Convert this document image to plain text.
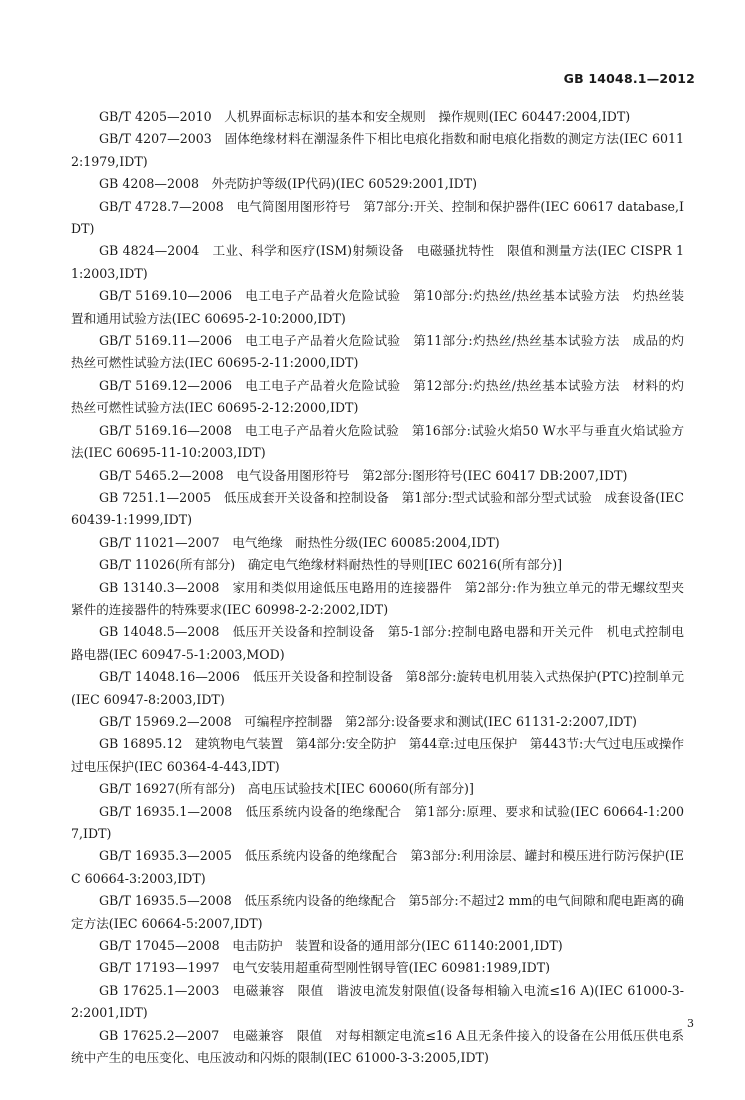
GB 14048.1—2012
GB/T 4205—2010　人机界面标志标识的基本和安全规则　操作规则(IEC 60447:2004,IDT)
GB/T 4207—2003　固体绝缘材料在潮湿条件下相比电痕化指数和耐电痕化指数的测定方法(IEC 60112:1979,IDT)
GB 4208—2008　外壳防护等级(IP代码)(IEC 60529:2001,IDT)
GB/T 4728.7—2008　电气简图用图形符号　第7部分:开关、控制和保护器件(IEC 60617 database,IDT)
GB 4824—2004　工业、科学和医疗(ISM)射频设备　电磁骚扰特性　限值和测量方法(IEC CISPR 11:2003,IDT)
GB/T 5169.10—2006　电工电子产品着火危险试验　第10部分:灼热丝/热丝基本试验方法　灼热丝装置和通用试验方法(IEC 60695-2-10:2000,IDT)
GB/T 5169.11—2006　电工电子产品着火危险试验　第11部分:灼热丝/热丝基本试验方法　成品的灼热丝可燃性试验方法(IEC 60695-2-11:2000,IDT)
GB/T 5169.12—2006　电工电子产品着火危险试验　第12部分:灼热丝/热丝基本试验方法　材料的灼热丝可燃性试验方法(IEC 60695-2-12:2000,IDT)
GB/T 5169.16—2008　电工电子产品着火危险试验　第16部分:试验火焰50 W水平与垂直火焰试验方法(IEC 60695-11-10:2003,IDT)
GB/T 5465.2—2008　电气设备用图形符号　第2部分:图形符号(IEC 60417 DB:2007,IDT)
GB 7251.1—2005　低压成套开关设备和控制设备　第1部分:型式试验和部分型式试验　成套设备(IEC 60439-1:1999,IDT)
GB/T 11021—2007　电气绝缘　耐热性分级(IEC 60085:2004,IDT)
GB/T 11026(所有部分)　确定电气绝缘材料耐热性的导则[IEC 60216(所有部分)]
GB 13140.3—2008　家用和类似用途低压电路用的连接器件　第2部分:作为独立单元的带无螺纹型夹紧件的连接器件的特殊要求(IEC 60998-2-2:2002,IDT)
GB 14048.5—2008　低压开关设备和控制设备　第5-1部分:控制电路电器和开关元件　机电式控制电路电器(IEC 60947-5-1:2003,MOD)
GB/T 14048.16—2006　低压开关设备和控制设备　第8部分:旋转电机用装入式热保护(PTC)控制单元(IEC 60947-8:2003,IDT)
GB/T 15969.2—2008　可编程序控制器　第2部分:设备要求和测试(IEC 61131-2:2007,IDT)
GB 16895.12　建筑物电气装置　第4部分:安全防护　第44章:过电压保护　第443节:大气过电压或操作过电压保护(IEC 60364-4-443,IDT)
GB/T 16927(所有部分)　高电压试验技术[IEC 60060(所有部分)]
GB/T 16935.1—2008　低压系统内设备的绝缘配合　第1部分:原理、要求和试验(IEC 60664-1:2007,IDT)
GB/T 16935.3—2005　低压系统内设备的绝缘配合　第3部分:利用涂层、罐封和模压进行防污保护(IEC 60664-3:2003,IDT)
GB/T 16935.5—2008　低压系统内设备的绝缘配合　第5部分:不超过2 mm的电气间隙和爬电距离的确定方法(IEC 60664-5:2007,IDT)
GB/T 17045—2008　电击防护　装置和设备的通用部分(IEC 61140:2001,IDT)
GB/T 17193—1997　电气安装用超重荷型刚性钢导管(IEC 60981:1989,IDT)
GB 17625.1—2003　电磁兼容　限值　谐波电流发射限值(设备每相输入电流≤16 A)(IEC 61000-3-2:2001,IDT)
GB 17625.2—2007　电磁兼容　限值　对每相额定电流≤16 A且无条件接入的设备在公用低压供电系统中产生的电压变化、电压波动和闪烁的限制(IEC 61000-3-3:2005,IDT)
3
